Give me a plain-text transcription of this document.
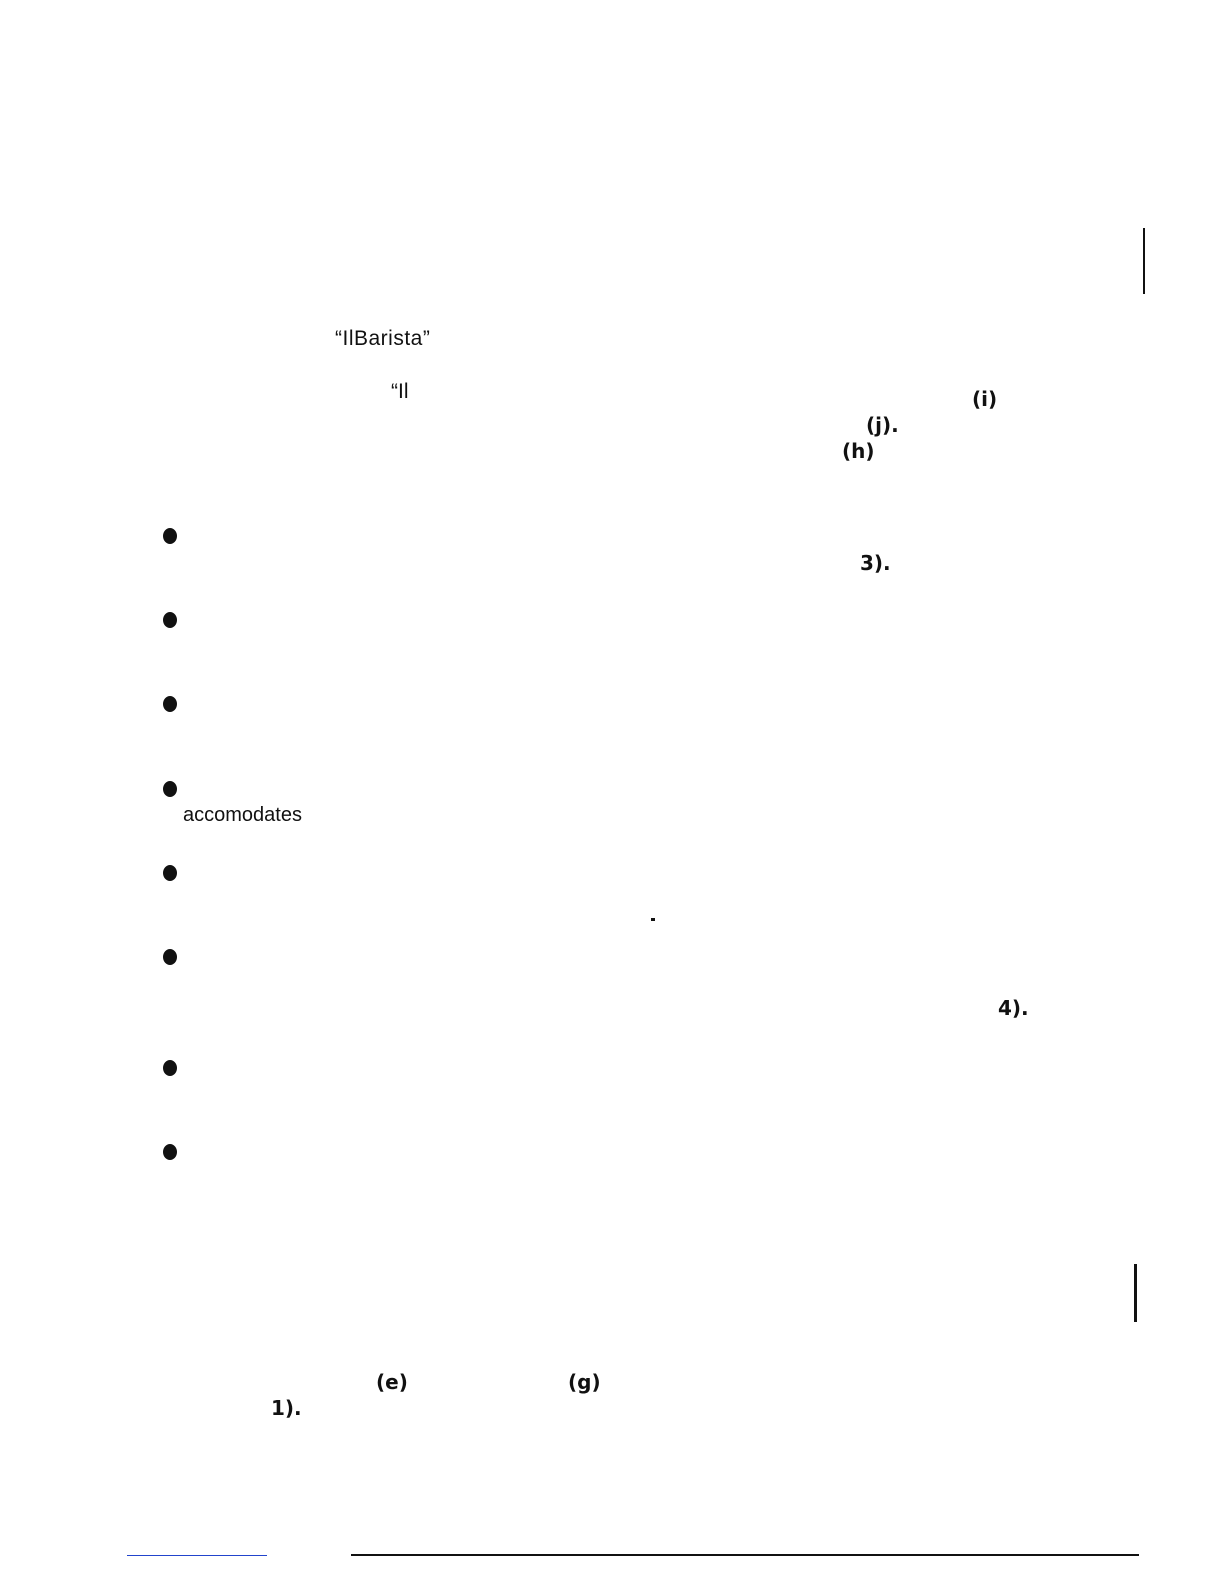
“IlBarista”
“Il	(i)
(j).
(h)
3).
accomodates
4).
(e)	(g)
1).
